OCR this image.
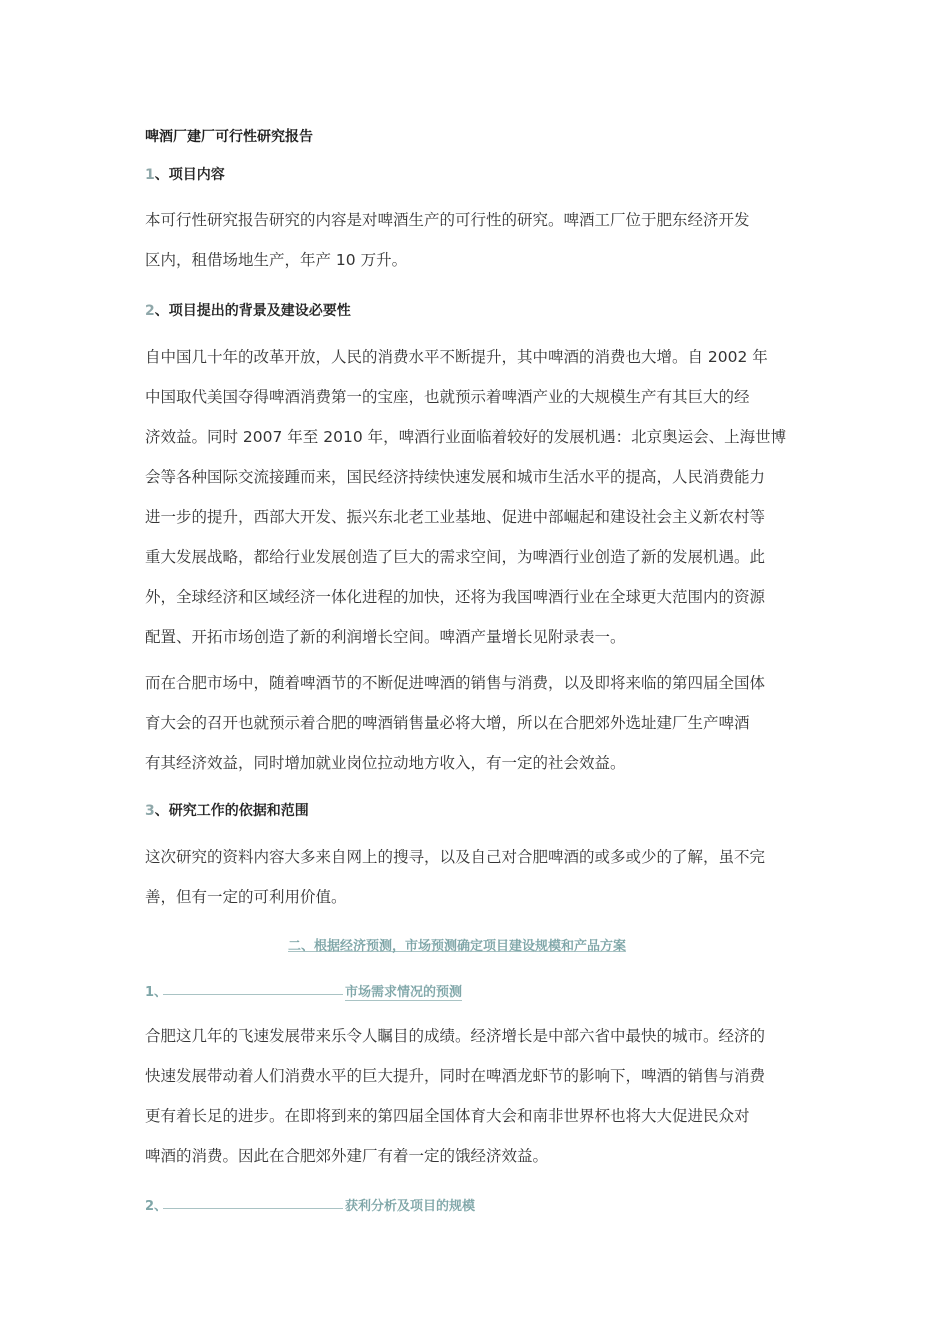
啤酒厂建厂可行性研究报告
1、项目内容
本可行性研究报告研究的内容是对啤酒生产的可行性的研究。啤酒工厂位于肥东经济开发
区内，租借场地生产，年产 10 万升。
2、项目提出的背景及建设必要性
自中国几十年的改革开放，人民的消费水平不断提升，其中啤酒的消费也大增。自 2002 年
中国取代美国夺得啤酒消费第一的宝座，也就预示着啤酒产业的大规模生产有其巨大的经
济效益。同时 2007 年至 2010 年，啤酒行业面临着较好的发展机遇：北京奥运会、上海世博
会等各种国际交流接踵而来，国民经济持续快速发展和城市生活水平的提高，人民消费能力
进一步的提升，西部大开发、振兴东北老工业基地、促进中部崛起和建设社会主义新农村等
重大发展战略，都给行业发展创造了巨大的需求空间，为啤酒行业创造了新的发展机遇。此
外，全球经济和区域经济一体化进程的加快，还将为我国啤酒行业在全球更大范围内的资源
配置、开拓市场创造了新的利润增长空间。啤酒产量增长见附录表一。
而在合肥市场中，随着啤酒节的不断促进啤酒的销售与消费，以及即将来临的第四届全国体
育大会的召开也就预示着合肥的啤酒销售量必将大增，所以在合肥郊外选址建厂生产啤酒
有其经济效益，同时增加就业岗位拉动地方收入，有一定的社会效益。
3、研究工作的依据和范围
这次研究的资料内容大多来自网上的搜寻，以及自己对合肥啤酒的或多或少的了解，虽不完
善，但有一定的可利用价值。
二、根据经济预测，市场预测确定项目建设规模和产品方案
1、	市场需求情况的预测
合肥这几年的飞速发展带来乐令人瞩目的成绩。经济增长是中部六省中最快的城市。经济的
快速发展带动着人们消费水平的巨大提升，同时在啤酒龙虾节的影响下，啤酒的销售与消费
更有着长足的进步。在即将到来的第四届全国体育大会和南非世界杯也将大大促进民众对
啤酒的消费。因此在合肥郊外建厂有着一定的饿经济效益。
2、	获利分析及项目的规模
